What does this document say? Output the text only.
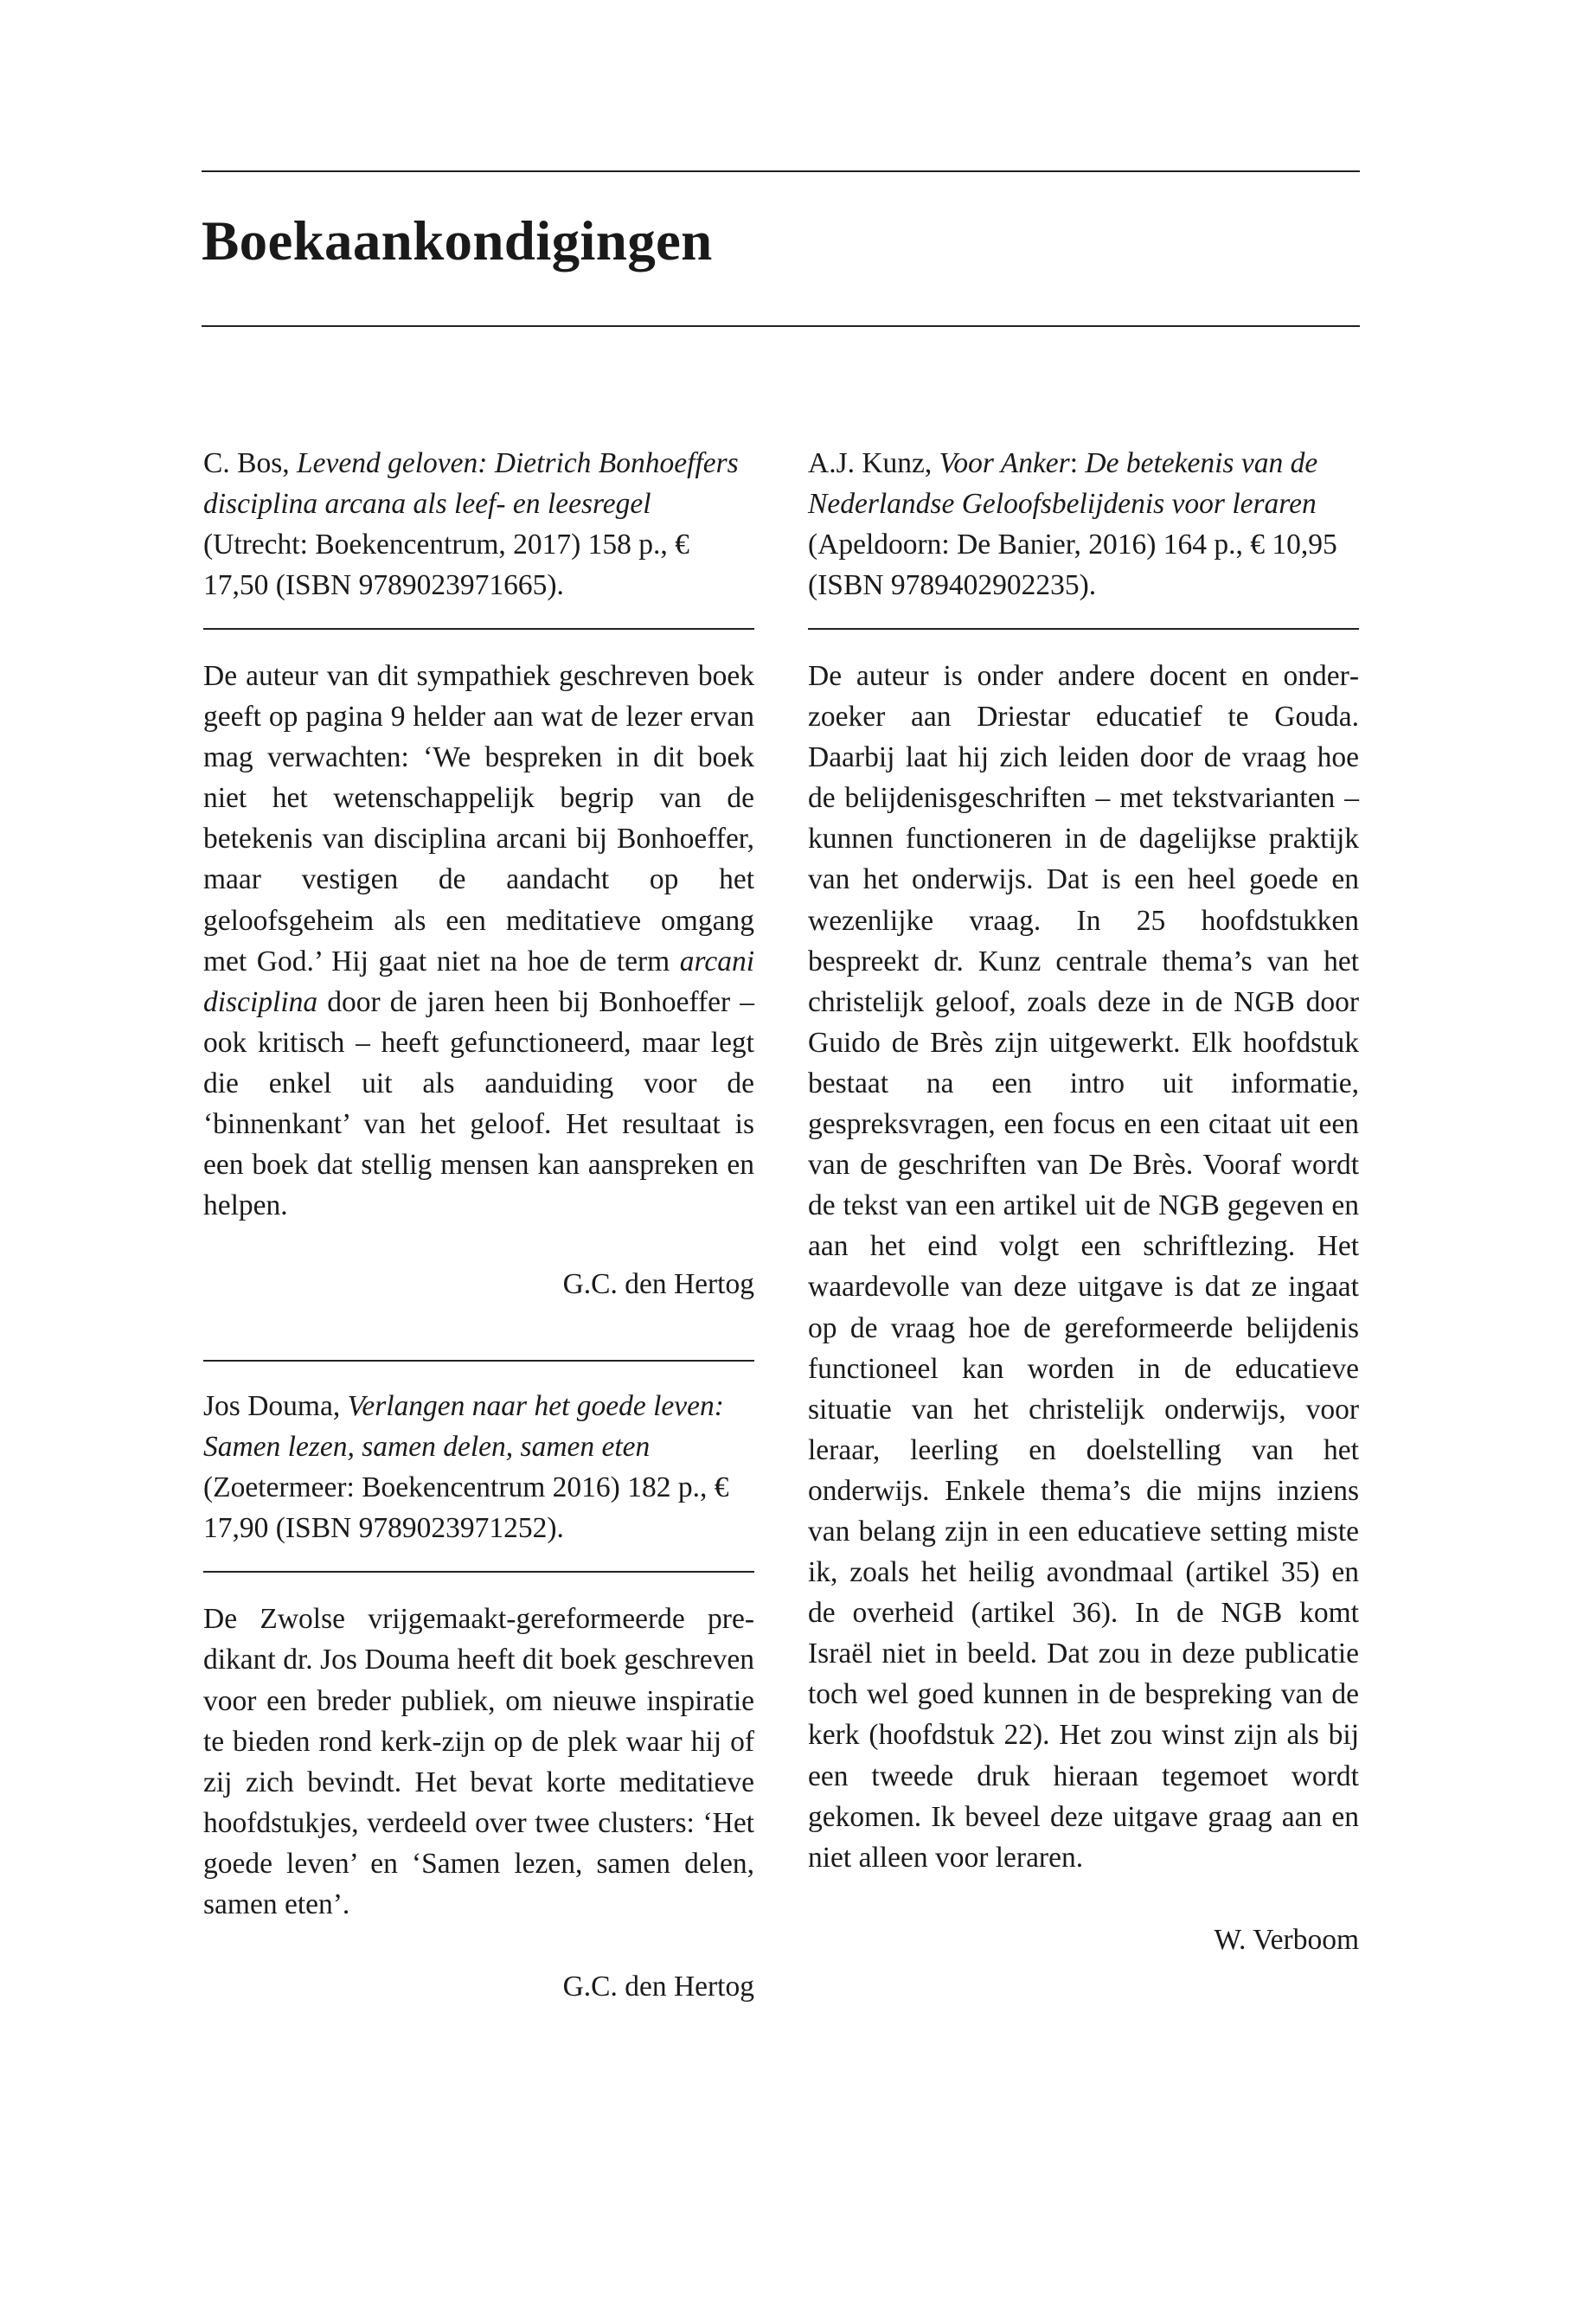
Boekaankondigingen

C. Bos, Levend geloven: Dietrich Bonhoeffers disciplina arcana als leef- en leesregel (Utrecht: Boekencentrum, 2017) 158 p., € 17,50 (ISBN 9789023971665).

De auteur van dit sympathiek geschreven boek geeft op pagina 9 helder aan wat de lezer ervan mag verwachten: ‘We bespreken in dit boek niet het wetenschappelijk begrip van de betekenis van disciplina arcani bij Bonhoeffer, maar vestigen de aandacht op het geloofsgeheim als een meditatieve omgang met God.’ Hij gaat niet na hoe de term arcani disciplina door de jaren heen bij Bonhoeffer – ook kritisch – heeft gefunctioneerd, maar legt die enkel uit als aanduiding voor de ‘binnenkant’ van het geloof. Het resultaat is een boek dat stellig mensen kan aanspreken en helpen.

G.C. den Hertog

Jos Douma, Verlangen naar het goede leven: Samen lezen, samen delen, samen eten (Zoetermeer: Boekencentrum 2016) 182 p., € 17,90 (ISBN 9789023971252).

De Zwolse vrijgemaakt-gereformeerde predikant dr. Jos Douma heeft dit boek geschreven voor een breder publiek, om nieuwe inspiratie te bieden rond kerk-zijn op de plek waar hij of zij zich bevindt. Het bevat korte meditatieve hoofdstukjes, verdeeld over twee clusters: ‘Het goede leven’ en ‘Samen lezen, samen delen, samen eten’.

G.C. den Hertog

A.J. Kunz, Voor Anker: De betekenis van de Nederlandse Geloofsbelijdenis voor leraren (Apeldoorn: De Banier, 2016) 164 p., € 10,95 (ISBN 9789402902235).

De auteur is onder andere docent en onderzoeker aan Driestar educatief te Gouda. Daarbij laat hij zich leiden door de vraag hoe de belijdenisgeschriften – met tekstvarianten – kunnen functioneren in de dagelijkse praktijk van het onderwijs. Dat is een heel goede en wezenlijke vraag. In 25 hoofdstukken bespreekt dr. Kunz centrale thema’s van het christelijk geloof, zoals deze in de NGB door Guido de Brès zijn uitgewerkt. Elk hoofdstuk bestaat na een intro uit informatie, gespreksvragen, een focus en een citaat uit een van de geschriften van De Brès. Vooraf wordt de tekst van een artikel uit de NGB gegeven en aan het eind volgt een schriftlezing. Het waardevolle van deze uitgave is dat ze ingaat op de vraag hoe de gereformeerde belijdenis functioneel kan worden in de educatieve situatie van het christelijk onderwijs, voor leraar, leerling en doelstelling van het onderwijs. Enkele thema’s die mijns inziens van belang zijn in een educatieve setting miste ik, zoals het heilig avondmaal (artikel 35) en de overheid (artikel 36). In de NGB komt Israël niet in beeld. Dat zou in deze publicatie toch wel goed kunnen in de bespreking van de kerk (hoofdstuk 22). Het zou winst zijn als bij een tweede druk hieraan tegemoet wordt gekomen. Ik beveel deze uitgave graag aan en niet alleen voor leraren.

W. Verboom
